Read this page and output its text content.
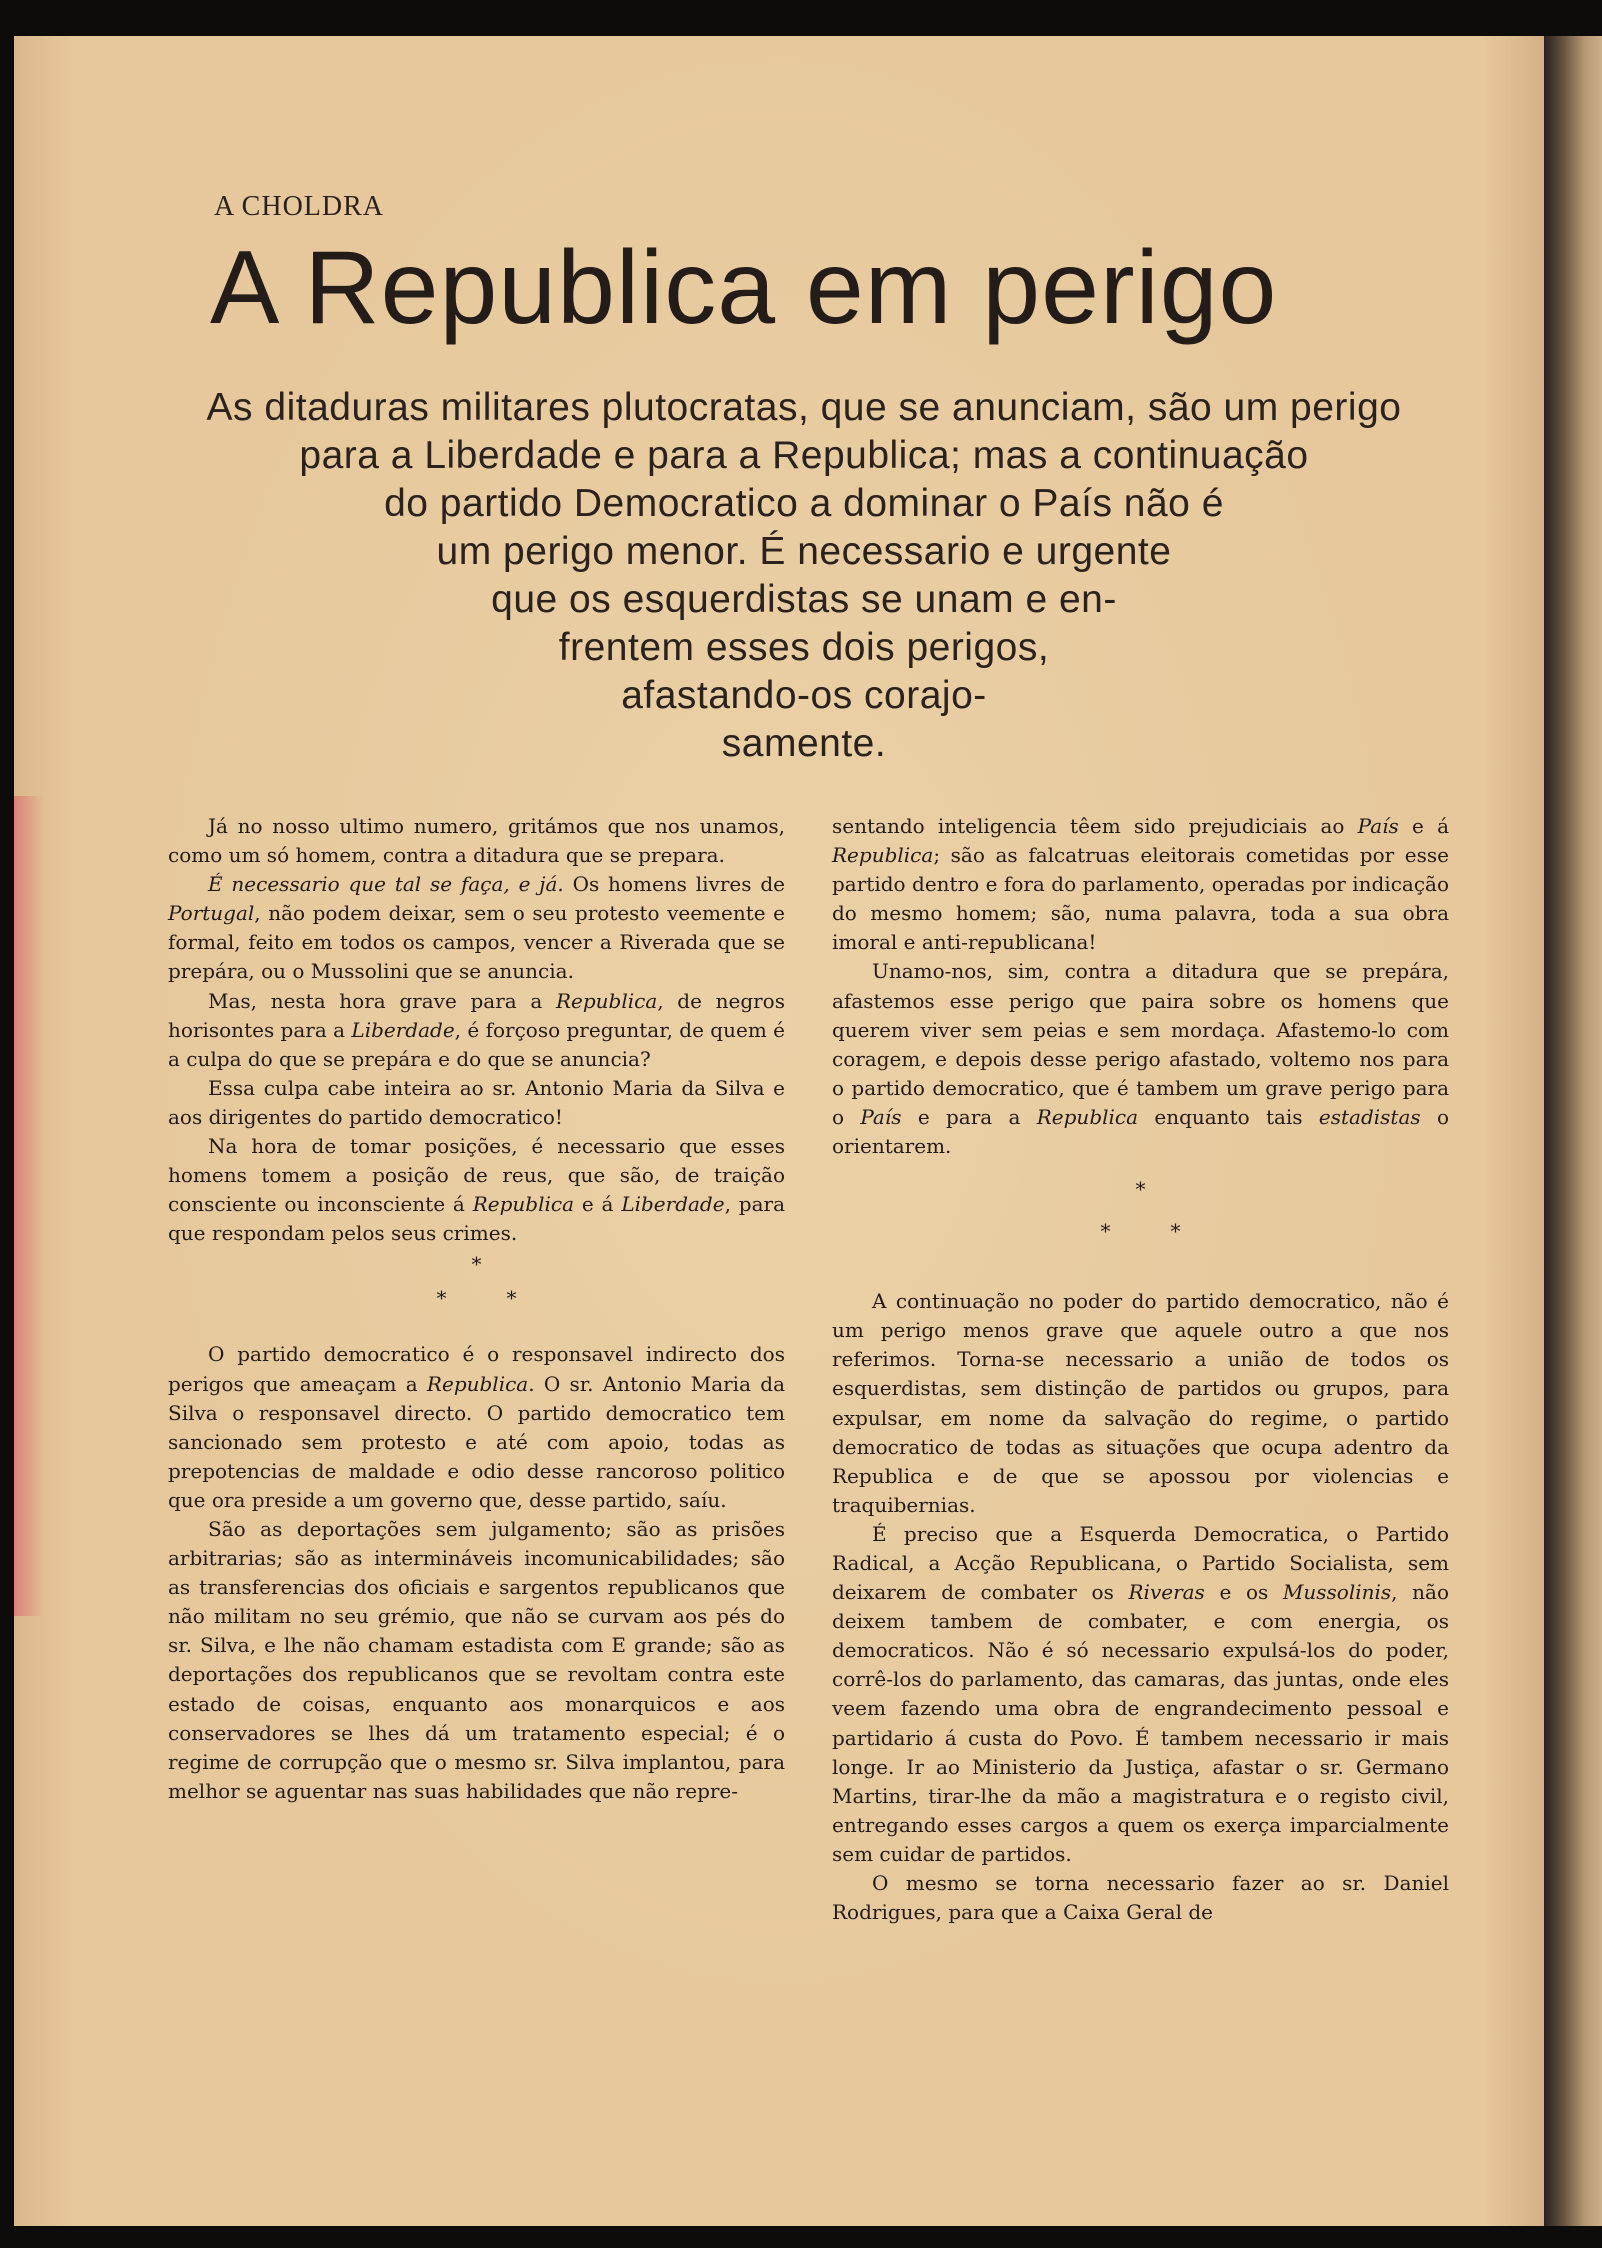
A CHOLDRA
A Republica em perigo
As ditaduras militares plutocratas, que se anunciam, são um perigo
para a Liberdade e para a Republica; mas a continuação
do partido Democratico a dominar o País não é
um perigo menor. É necessario e urgente
que os esquerdistas se unam e en-
frentem esses dois perigos,
afastando-os corajo-
samente.

Já no nosso ultimo numero, gritámos que nos unamos, como um só homem, contra a ditadura que se prepara.

É necessario que tal se faça, e já. Os homens livres de Portugal, não podem deixar, sem o seu protesto veemente e formal, feito em todos os campos, vencer a Riverada que se prepára, ou o Mussolini que se anuncia.

Mas, nesta hora grave para a Republica, de negros horisontes para a Liberdade, é forçoso preguntar, de quem é a culpa do que se prepára e do que se anuncia?

Essa culpa cabe inteira ao sr. Antonio Maria da Silva e aos dirigentes do partido democratico!

Na hora de tomar posições, é necessario que esses homens tomem a posição de reus, que são, de traição consciente ou inconsciente á Republica e á Liberdade, para que respondam pelos seus crimes.

*
*	*

O partido democratico é o responsavel indirecto dos perigos que ameaçam a Republica. O sr. Antonio Maria da Silva o responsavel directo. O partido democratico tem sancionado sem protesto e até com apoio, todas as prepotencias de maldade e odio desse rancoroso politico que ora preside a um governo que, desse partido, saíu.

São as deportações sem julgamento; são as prisões arbitrarias; são as intermináveis incomunicabilidades; são as transferencias dos oficiais e sargentos republicanos que não militam no seu grémio, que não se curvam aos pés do sr. Silva, e lhe não chamam estadista com E grande; são as deportações dos republicanos que se revoltam contra este estado de coisas, enquanto aos monarquicos e aos conservadores se lhes dá um tratamento especial; é o regime de corrupção que o mesmo sr. Silva implantou, para melhor se aguentar nas suas habilidades que não repre-

sentando inteligencia têem sido prejudiciais ao País e á Republica; são as falcatruas eleitorais cometidas por esse partido dentro e fora do parlamento, operadas por indicação do mesmo homem; são, numa palavra, toda a sua obra imoral e anti-republicana!

Unamo-nos, sim, contra a ditadura que se prepára, afastemos esse perigo que paira sobre os homens que querem viver sem peias e sem mordaça. Afastemo-lo com coragem, e depois desse perigo afastado, voltemo nos para o partido democratico, que é tambem um grave perigo para o País e para a Republica enquanto tais estadistas o orientarem.

*
*	*

A continuação no poder do partido democratico, não é um perigo menos grave que aquele outro a que nos referimos. Torna-se necessario a união de todos os esquerdistas, sem distinção de partidos ou grupos, para expulsar, em nome da salvação do regime, o partido democratico de todas as situações que ocupa adentro da Republica e de que se apossou por violencias e traquibernias.

É preciso que a Esquerda Democratica, o Partido Radical, a Acção Republicana, o Partido Socialista, sem deixarem de combater os Riveras e os Mussolinis, não deixem tambem de combater, e com energia, os democraticos. Não é só necessario expulsá-los do poder, corrê-los do parlamento, das camaras, das juntas, onde eles veem fazendo uma obra de engrandecimento pessoal e partidario á custa do Povo. É tambem necessario ir mais longe. Ir ao Ministerio da Justiça, afastar o sr. Germano Martins, tirar-lhe da mão a magistratura e o registo civil, entregando esses cargos a quem os exerça imparcialmente sem cuidar de partidos.

O mesmo se torna necessario fazer ao sr. Daniel Rodrigues, para que a Caixa Geral de
